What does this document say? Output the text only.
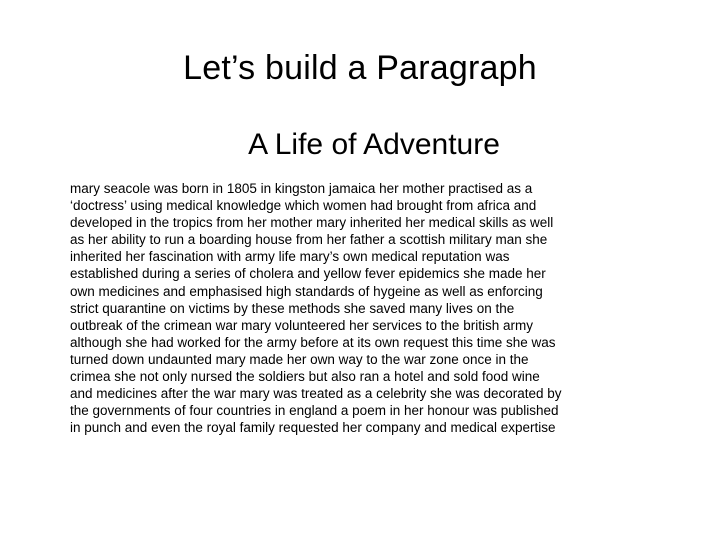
Let’s build a Paragraph
A Life of Adventure
mary seacole was born in 1805 in kingston jamaica her mother practised as a
‘doctress’ using medical knowledge which women had brought from africa and
developed in the tropics from her mother mary inherited her medical skills as well
as her ability to run a boarding house from her father a scottish military man she
inherited her fascination with army life mary’s own medical reputation was
established during a series of cholera and yellow fever epidemics she made her
own medicines and emphasised high standards of hygeine as well as enforcing
strict quarantine on victims by these methods she saved many lives on the
outbreak of the crimean war mary volunteered her services to the british army
although she had worked for the army before at its own request this time she was
turned down undaunted mary made her own way to the war zone once in the
crimea she not only nursed the soldiers but also ran a hotel and sold food wine
and medicines after the war mary was treated as a celebrity she was decorated by
the governments of four countries in england a poem in her honour was published
in punch and even the royal family requested her company and medical expertise
